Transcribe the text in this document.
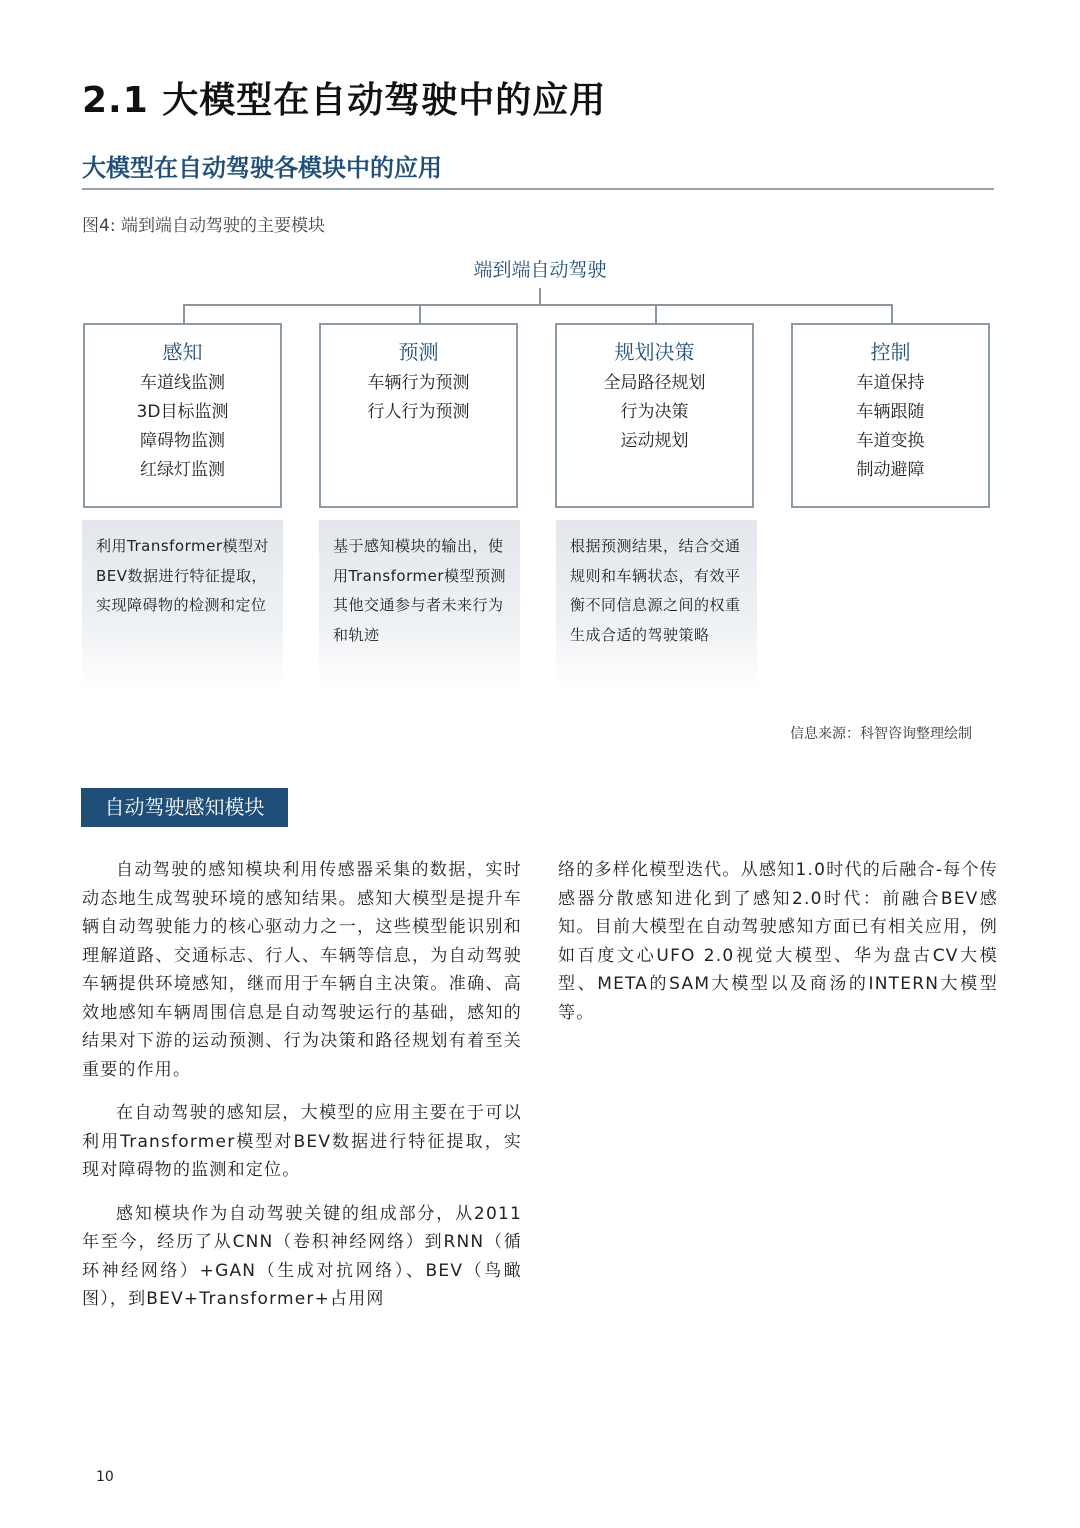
2.1 大模型在自动驾驶中的应用
大模型在自动驾驶各模块中的应用
图4: 端到端自动驾驶的主要模块
端到端自动驾驶
感知
车道线监测
3D目标监测
障碍物监测
红绿灯监测
预测
车辆行为预测
行人行为预测
规划决策
全局路径规划
行为决策
运动规划
控制
车道保持
车辆跟随
车道变换
制动避障
利用Transformer模型对BEV数据进行特征提取，实现障碍物的检测和定位
基于感知模块的输出，使用Transformer模型预测其他交通参与者未来行为和轨迹
根据预测结果，结合交通规则和车辆状态，有效平衡不同信息源之间的权重生成合适的驾驶策略
信息来源：科智咨询整理绘制
自动驾驶感知模块

自动驾驶的感知模块利用传感器采集的数据，实时动态地生成驾驶环境的感知结果。感知大模型是提升车辆自动驾驶能力的核心驱动力之一，这些模型能识别和理解道路、交通标志、行人、车辆等信息，为自动驾驶车辆提供环境感知，继而用于车辆自主决策。准确、高效地感知车辆周围信息是自动驾驶运行的基础，感知的结果对下游的运动预测、行为决策和路径规划有着至关重要的作用。

在自动驾驶的感知层，大模型的应用主要在于可以利用Transformer模型对BEV数据进行特征提取，实现对障碍物的监测和定位。

感知模块作为自动驾驶关键的组成部分，从2011年至今，经历了从CNN（卷积神经网络）到RNN（循环神经网络）+GAN（生成对抗网络）、BEV（鸟瞰图），到BEV+Transformer+占用网

络的多样化模型迭代。从感知1.0时代的后融合-每个传感器分散感知进化到了感知2.0时代：前融合BEV感知。目前大模型在自动驾驶感知方面已有相关应用，例如百度文心UFO 2.0视觉大模型、华为盘古CV大模型、META的SAM大模型以及商汤的INTERN大模型等。

10
